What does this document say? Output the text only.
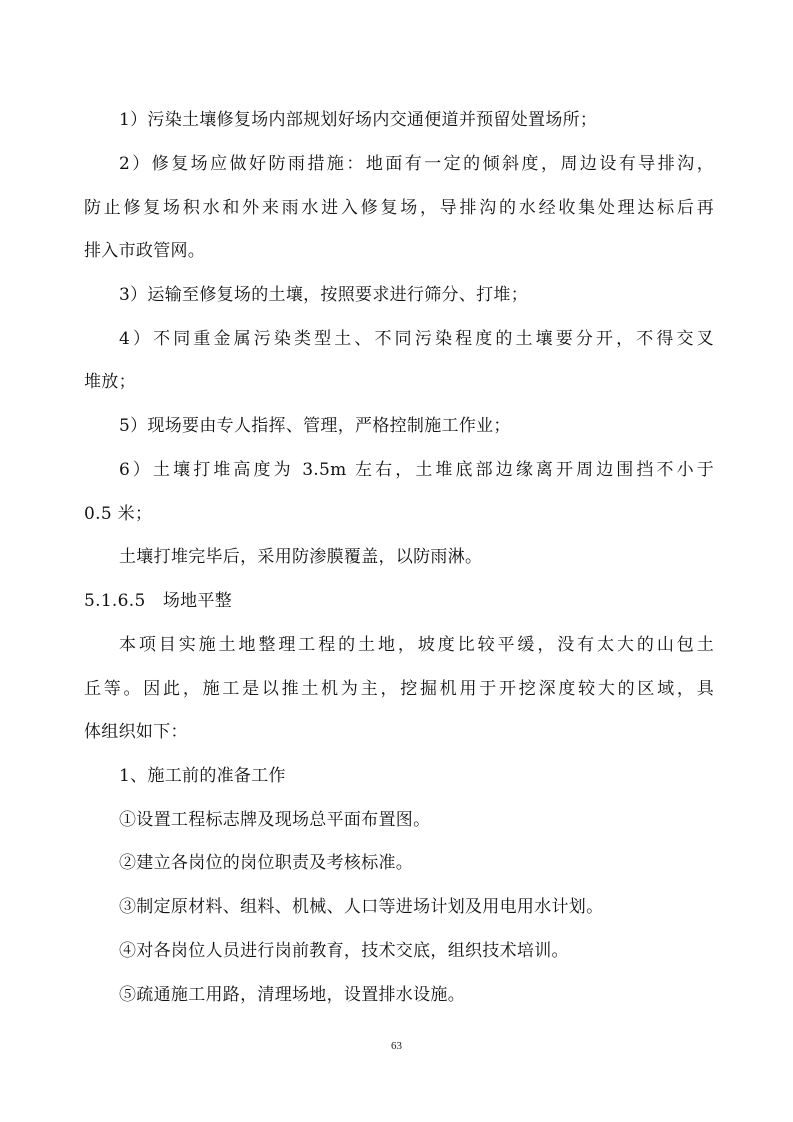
1）污染土壤修复场内部规划好场内交通便道并预留处置场所；
2）修复场应做好防雨措施：地面有一定的倾斜度，周边设有导排沟，
防止修复场积水和外来雨水进入修复场，导排沟的水经收集处理达标后再
排入市政管网。
3）运输至修复场的土壤，按照要求进行筛分、打堆；
4）不同重金属污染类型土、不同污染程度的土壤要分开，不得交叉
堆放；
5）现场要由专人指挥、管理，严格控制施工作业；
6）土壤打堆高度为 3.5m 左右，土堆底部边缘离开周边围挡不小于
0.5 米；
土壤打堆完毕后，采用防渗膜覆盖，以防雨淋。
5.1.6.5　场地平整
本项目实施土地整理工程的土地，坡度比较平缓，没有太大的山包土
丘等。因此，施工是以推土机为主，挖掘机用于开挖深度较大的区域，具
体组织如下：
1、施工前的准备工作
①设置工程标志牌及现场总平面布置图。
②建立各岗位的岗位职责及考核标准。
③制定原材料、组料、机械、人口等进场计划及用电用水计划。
④对各岗位人员进行岗前教育，技术交底，组织技术培训。
⑤疏通施工用路，清理场地，设置排水设施。
63
